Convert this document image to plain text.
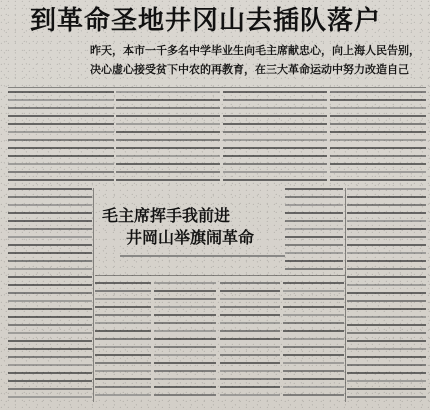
到革命圣地井冈山去插队落户
昨天，本市一千多名中学毕业生向毛主席献忠心，向上海人民告别，
决心虚心接受贫下中农的再教育，在三大革命运动中努力改造自己
毛主席挥手我前进
井岡山举旗闹革命
